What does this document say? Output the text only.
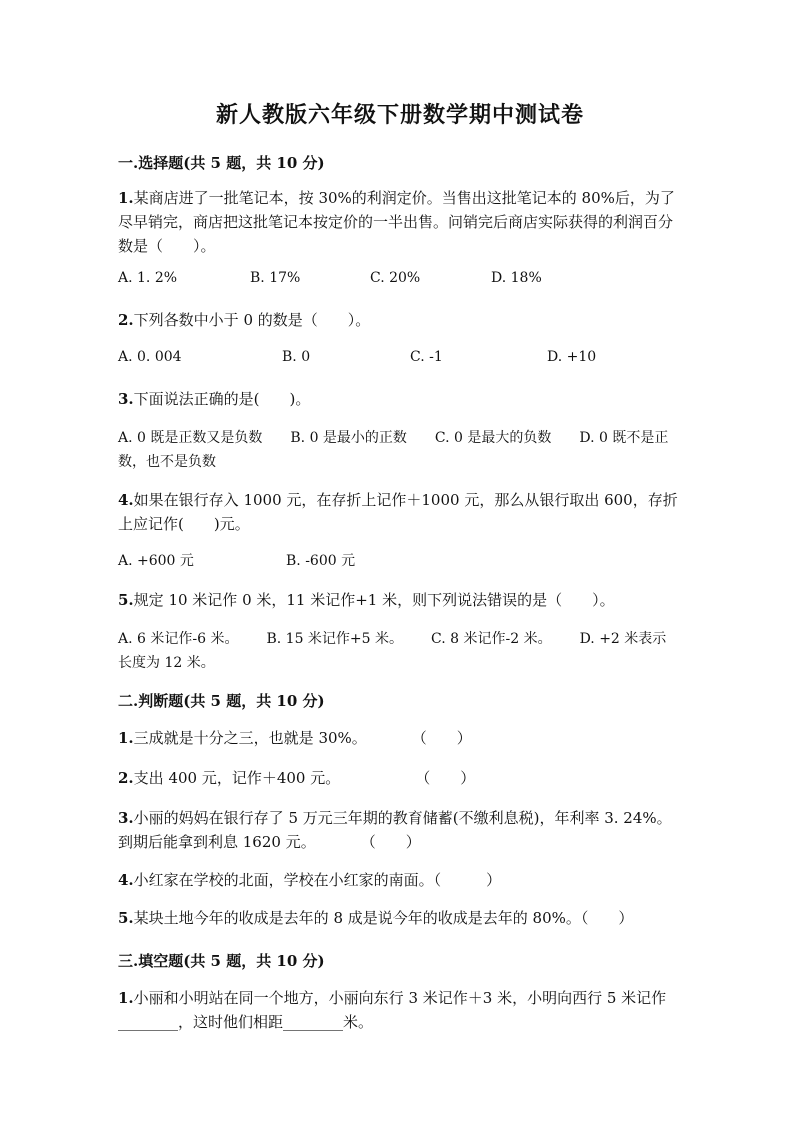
新人教版六年级下册数学期中测试卷
一.选择题(共 5 题，共 10 分)
1.某商店进了一批笔记本，按 30%的利润定价。当售出这批笔记本的 80%后，为了尽早销完，商店把这批笔记本按定价的一半出售。问销完后商店实际获得的利润百分数是（　　）。
A. 1. 2%	B. 17%	C. 20%	D. 18%
2.下列各数中小于 0 的数是（　　）。
A. 0. 004	B. 0	C. -1	D. +10
3.下面说法正确的是(　　)。
A. 0 既是正数又是负数 B. 0 是最小的正数 C. 0 是最大的负数 D. 0 既不是正数，也不是负数
4.如果在银行存入 1000 元，在存折上记作＋1000 元，那么从银行取出 600，存折上应记作(　　)元。
A. +600 元	B. -600 元
5.规定 10 米记作 0 米，11 米记作+1 米，则下列说法错误的是（　　）。
A. 6 米记作-6 米。 B. 15 米记作+5 米。 C. 8 米记作-2 米。 D. +2 米表示长度为 12 米。
二.判断题(共 5 题，共 10 分)
1.三成就是十分之三，也就是 30%。　　　　（　　）
2.支出 400 元，记作＋400 元。　　　　　　（　　）
3.小丽的妈妈在银行存了 5 万元三年期的教育储蓄(不缴利息税)，年利率 3. 24%。到期后能拿到利息 1620 元。　　　　（　　）
4.小红家在学校的北面，学校在小红家的南面。（　　　）
5.某块土地今年的收成是去年的 8 成是说今年的收成是去年的 80%。（　　）
三.填空题(共 5 题，共 10 分)
1.小丽和小明站在同一个地方，小丽向东行 3 米记作＋3 米，小明向西行 5 米记作________，这时他们相距________米。
